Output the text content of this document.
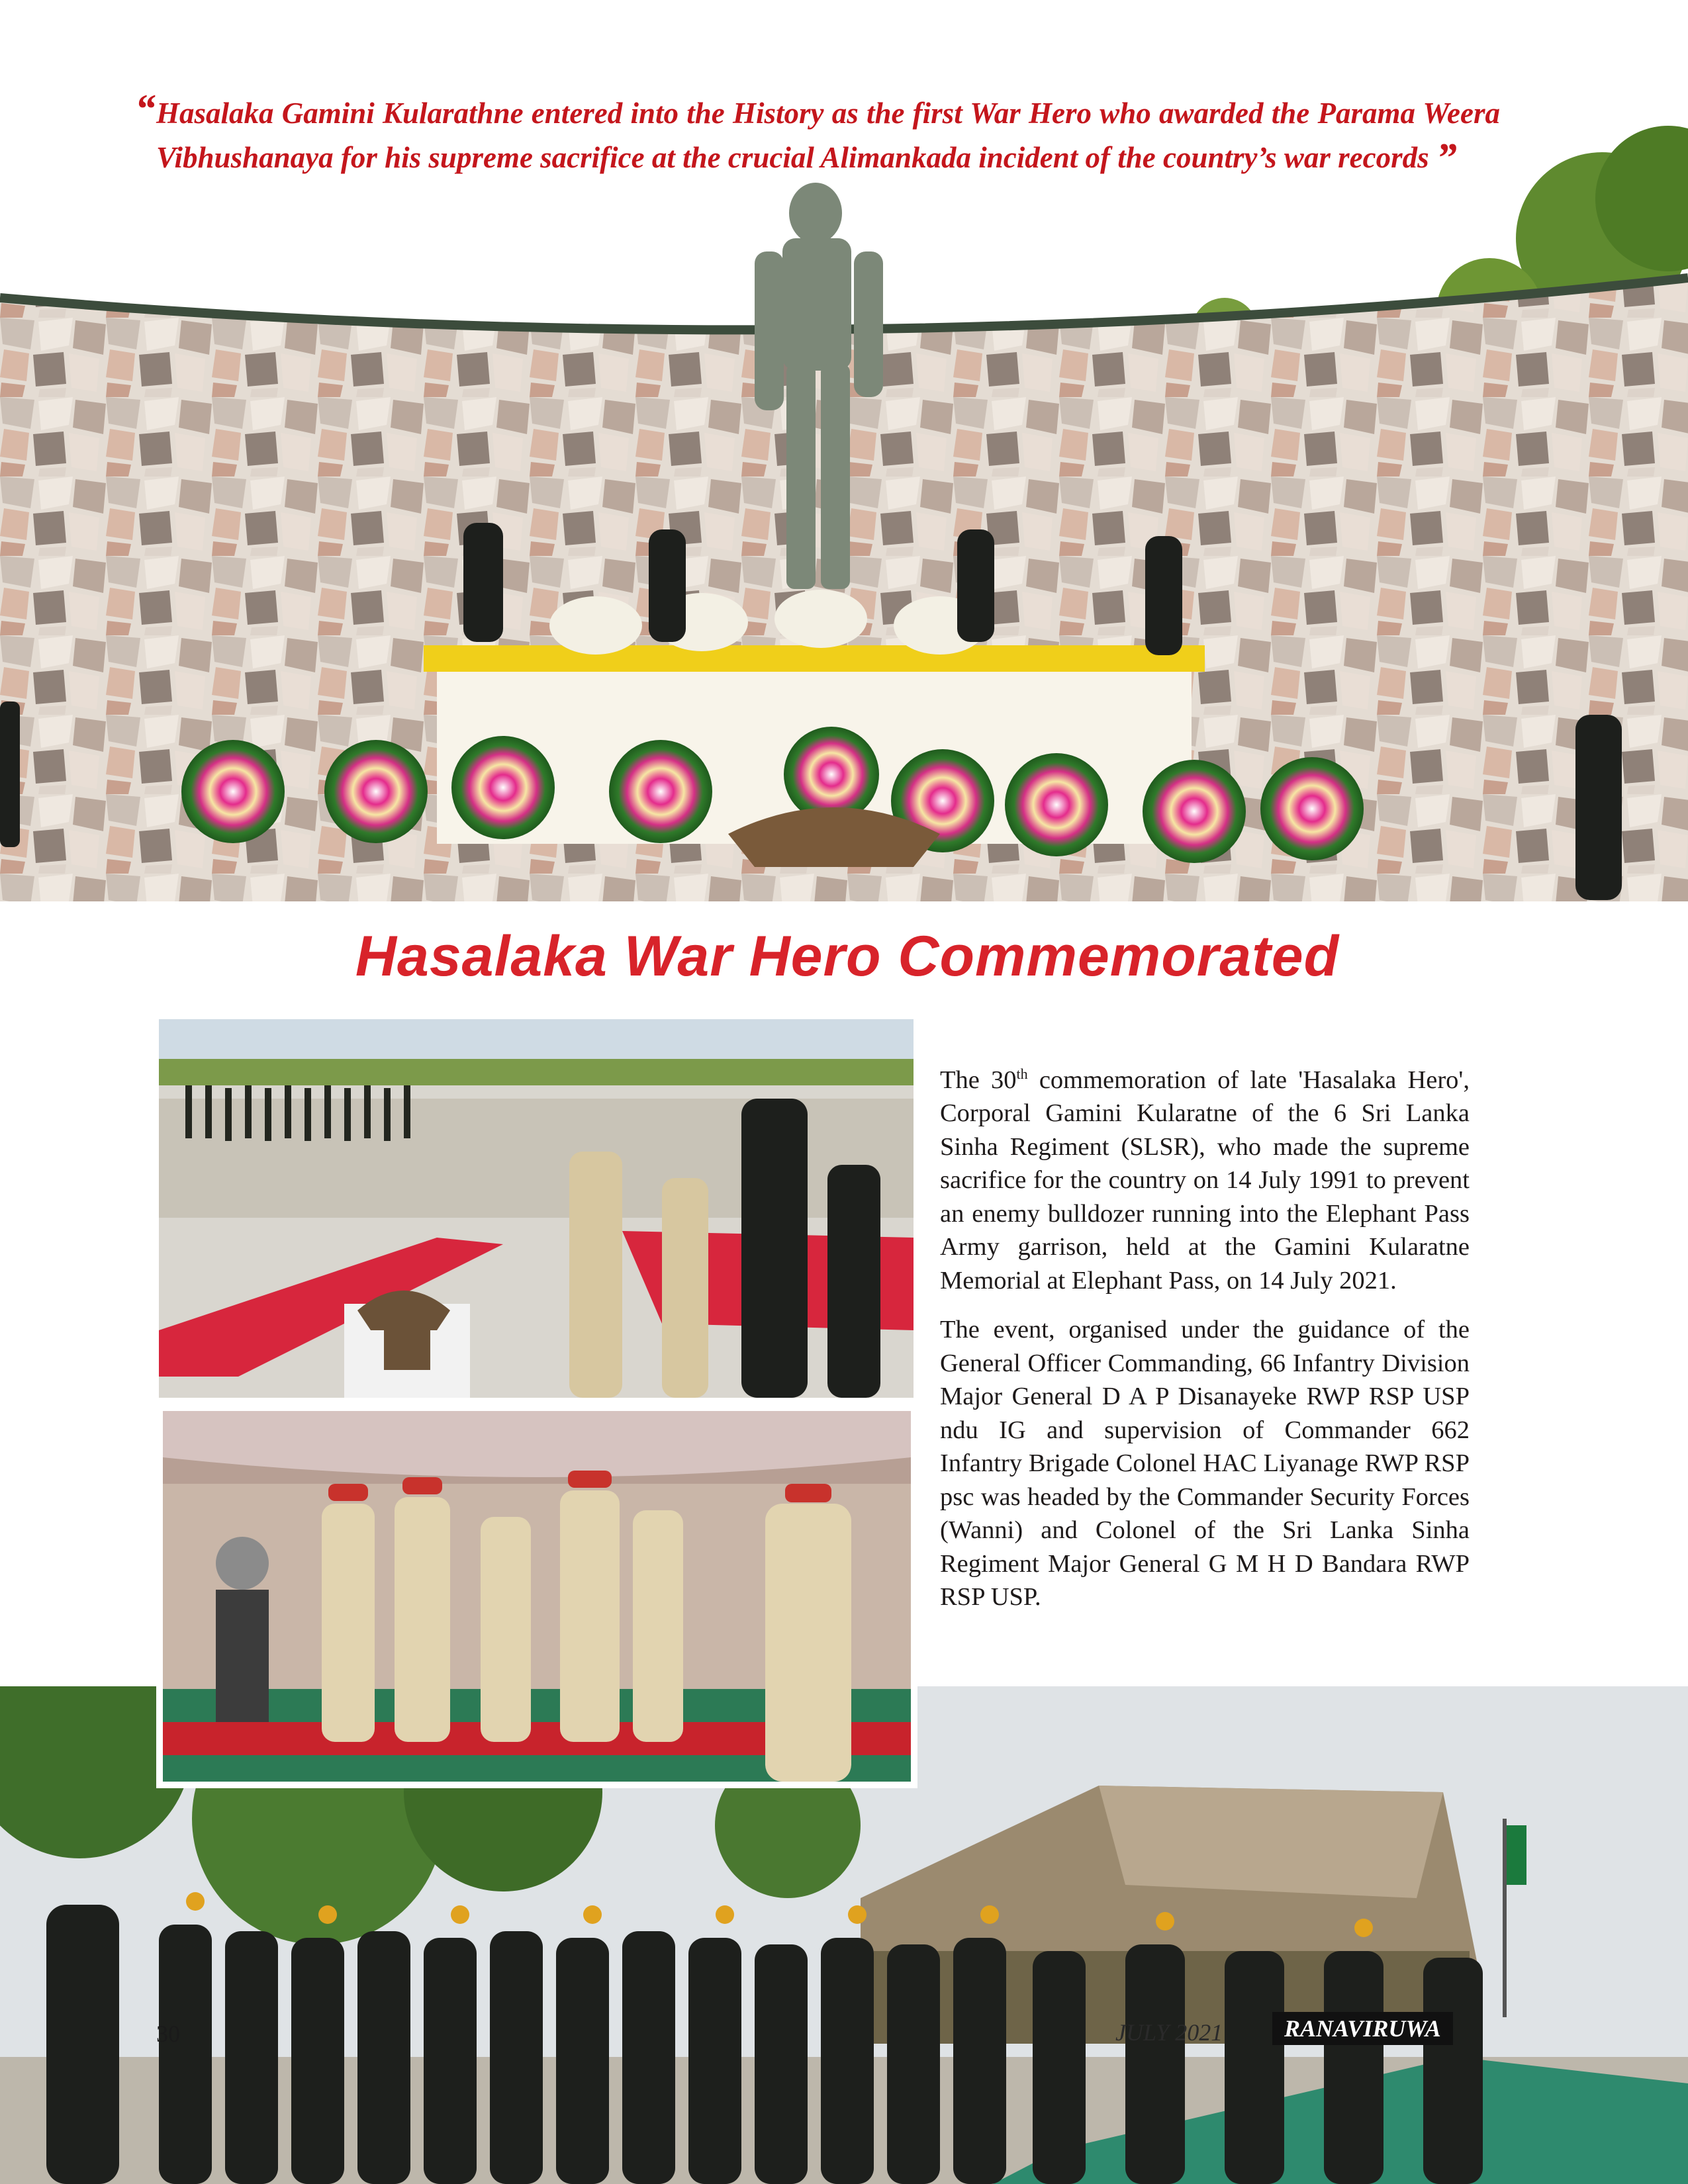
“ Hasalaka Gamini Kularathne entered into the History as the first War Hero who awarded the Parama Weera Vibhushanaya for his supreme sacrifice at the crucial Alimankada incident of the country’s war records ”
Hasalaka War Hero Commemorated

The 30th commemoration of late 'Hasalaka Hero', Corporal Gamini Kularatne of the 6 Sri Lanka Sinha Regiment (SLSR), who made the supreme sacrifice for the country on 14 July 1991 to prevent an enemy bulldozer running into the Elephant Pass Army garrison, held at the Gamini Kularatne Memorial at Elephant Pass, on 14 July 2021.

The event, organised under the guidance of the General Officer Commanding, 66 Infantry Division Major General D A P Disanayeke RWP RSP USP ndu IG and supervision of Commander 662 Infantry Brigade Colonel HAC Liyanage RWP RSP psc was headed by the Commander Security Forces (Wanni) and Colonel of the Sri Lanka Sinha Regiment Major General G M H D Bandara RWP RSP USP.

30	JULY 2021	RANAVIRUWA
